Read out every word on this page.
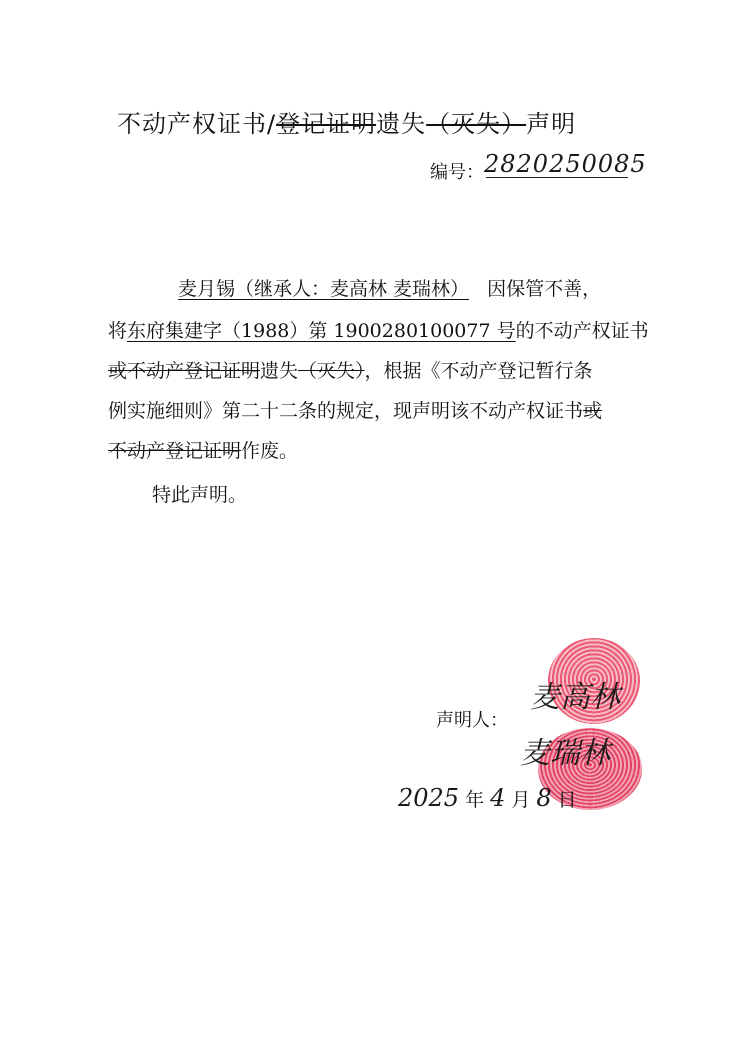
不动产权证书/登记证明遗失（灭失）声明
编号： 2820250085
麦月锡（继承人：麦高林 麦瑞林） 因保管不善，
将东府集建字（1988）第 1900280100077 号的不动产权证书
或不动产登记证明遗失（灭失），根据《不动产登记暂行条
例实施细则》第二十二条的规定，现声明该不动产权证书或
不动产登记证明作废。
特此声明。
声明人：
麦高林
麦瑞林
2025 年 4 月 8 日
